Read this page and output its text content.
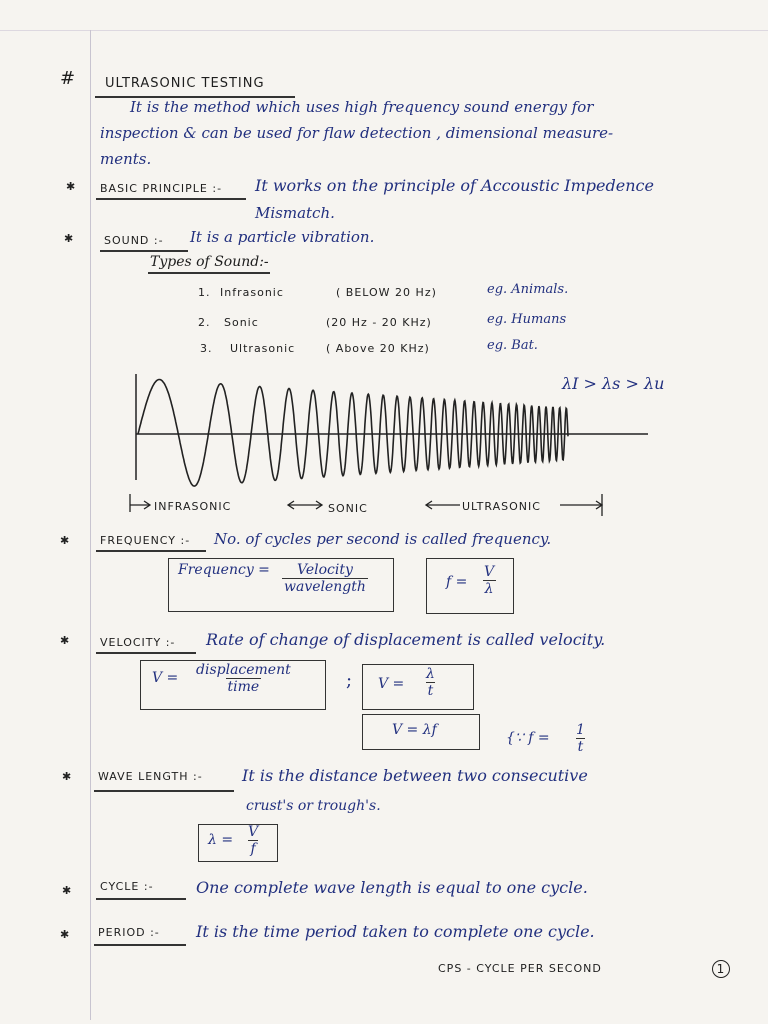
# ULTRASONIC TESTING
It is the method which uses high frequency sound energy for
inspection & can be used for flaw detection , dimensional measure-
ments.
✱ BASIC PRINCIPLE :- It works on the principle of Accoustic Impedence
Mismatch.
✱	SOUND :- It is a particle vibration.
Types of Sound:-
1. Infrasonic	( BELOW 20 Hz)	eg. Animals.
2. Sonic	(20 Hz - 20 KHz)	eg. Humans
3. Ultrasonic	( Above 20 KHz)	eg. Bat.
λI > λs > λu
INFRASONIC	SONIC	ULTRASONIC
✱	FREQUENCY :- No. of cycles per second is called frequency.
Frequency = Velocity
wavelength	$f = \frac{V}{\lambda}$
✱	VELOCITY :- Rate of change of displacement is called velocity.
V = displacement
time	; $V = \frac{\lambda}{t}$
V = λf	{∵ $f = \frac{1}{t}$
✱ WAVE LENGTH :- It is the distance between two consecutive
crust's or trough's.
$\lambda = \frac{V}{f}$
✱	CYCLE :-	One complete wave length is equal to one cycle.
✱	PERIOD :- It is the time period taken to complete one cycle.
CPS - CYCLE PER SECOND	1
